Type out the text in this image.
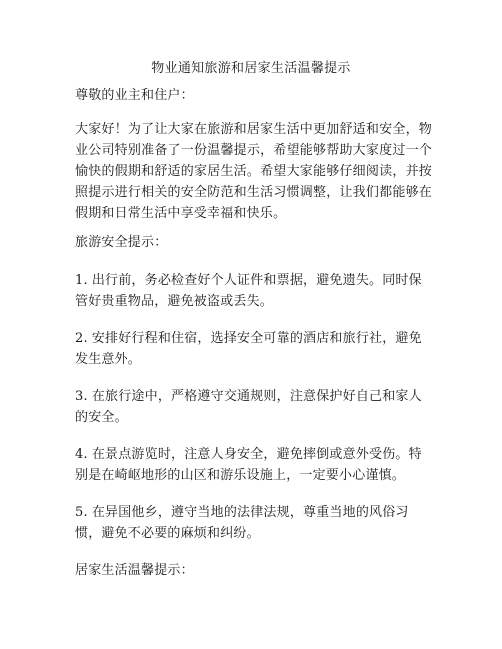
物业通知旅游和居家生活温馨提示

尊敬的业主和住户：

大家好！为了让大家在旅游和居家生活中更加舒适和安全，物业公司特别准备了一份温馨提示，希望能够帮助大家度过一个愉快的假期和舒适的家居生活。希望大家能够仔细阅读，并按照提示进行相关的安全防范和生活习惯调整，让我们都能够在假期和日常生活中享受幸福和快乐。

旅游安全提示：

1. 出行前，务必检查好个人证件和票据，避免遗失。同时保管好贵重物品，避免被盗或丢失。

2. 安排好行程和住宿，选择安全可靠的酒店和旅行社，避免发生意外。

3. 在旅行途中，严格遵守交通规则，注意保护好自己和家人的安全。

4. 在景点游览时，注意人身安全，避免摔倒或意外受伤。特别是在崎岖地形的山区和游乐设施上，一定要小心谨慎。

5. 在异国他乡，遵守当地的法律法规，尊重当地的风俗习惯，避免不必要的麻烦和纠纷。

居家生活温馨提示：
